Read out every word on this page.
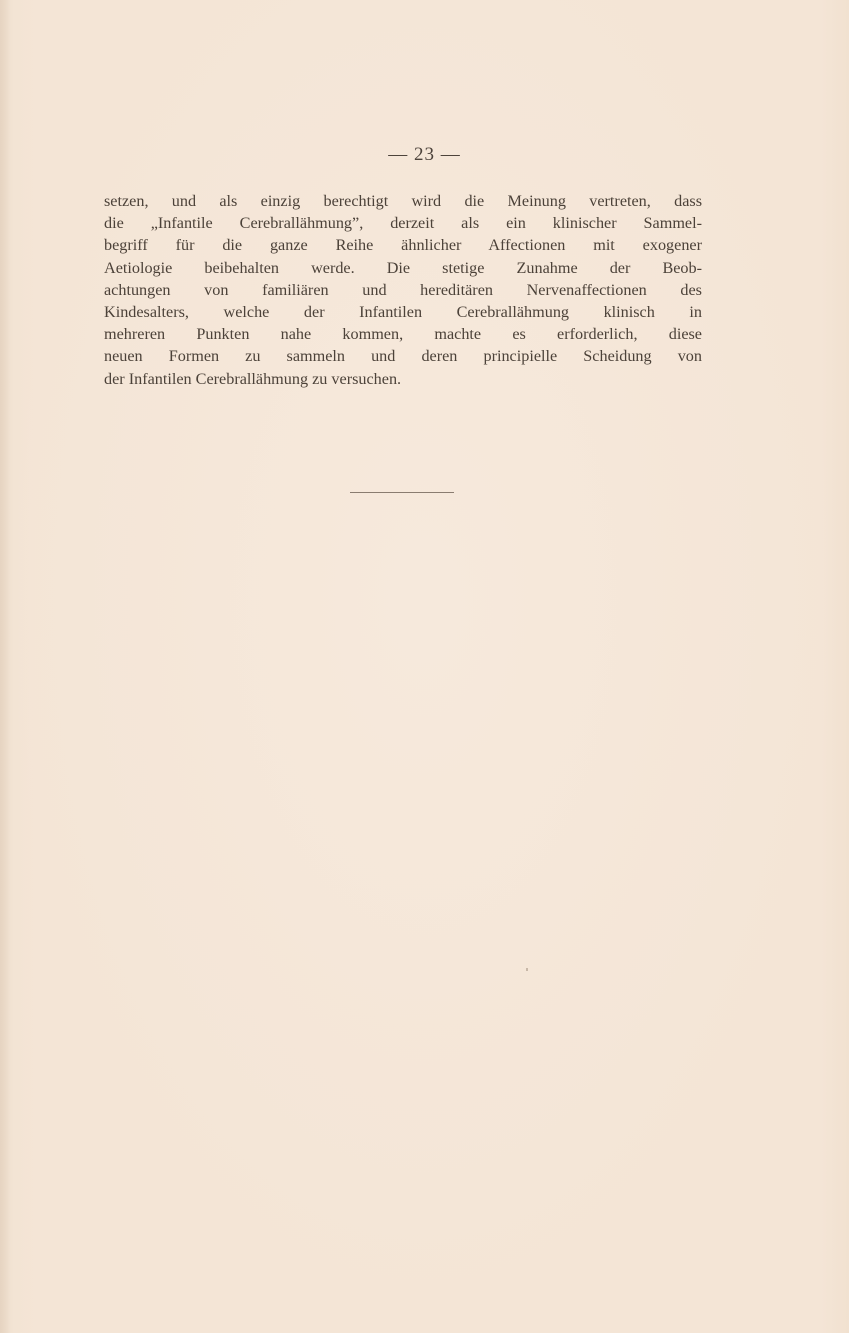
— 23 —
setzen, und als einzig berechtigt wird die Meinung vertreten, dass
die „Infantile Cerebrallähmung”, derzeit als ein klinischer Sammel-
begriff für die ganze Reihe ähnlicher Affectionen mit exogener
Aetiologie beibehalten werde. Die stetige Zunahme der Beob-
achtungen von familiären und hereditären Nervenaffectionen des
Kindesalters, welche der Infantilen Cerebrallähmung klinisch in
mehreren Punkten nahe kommen, machte es erforderlich, diese
neuen Formen zu sammeln und deren principielle Scheidung von
der Infantilen Cerebrallähmung zu versuchen.
